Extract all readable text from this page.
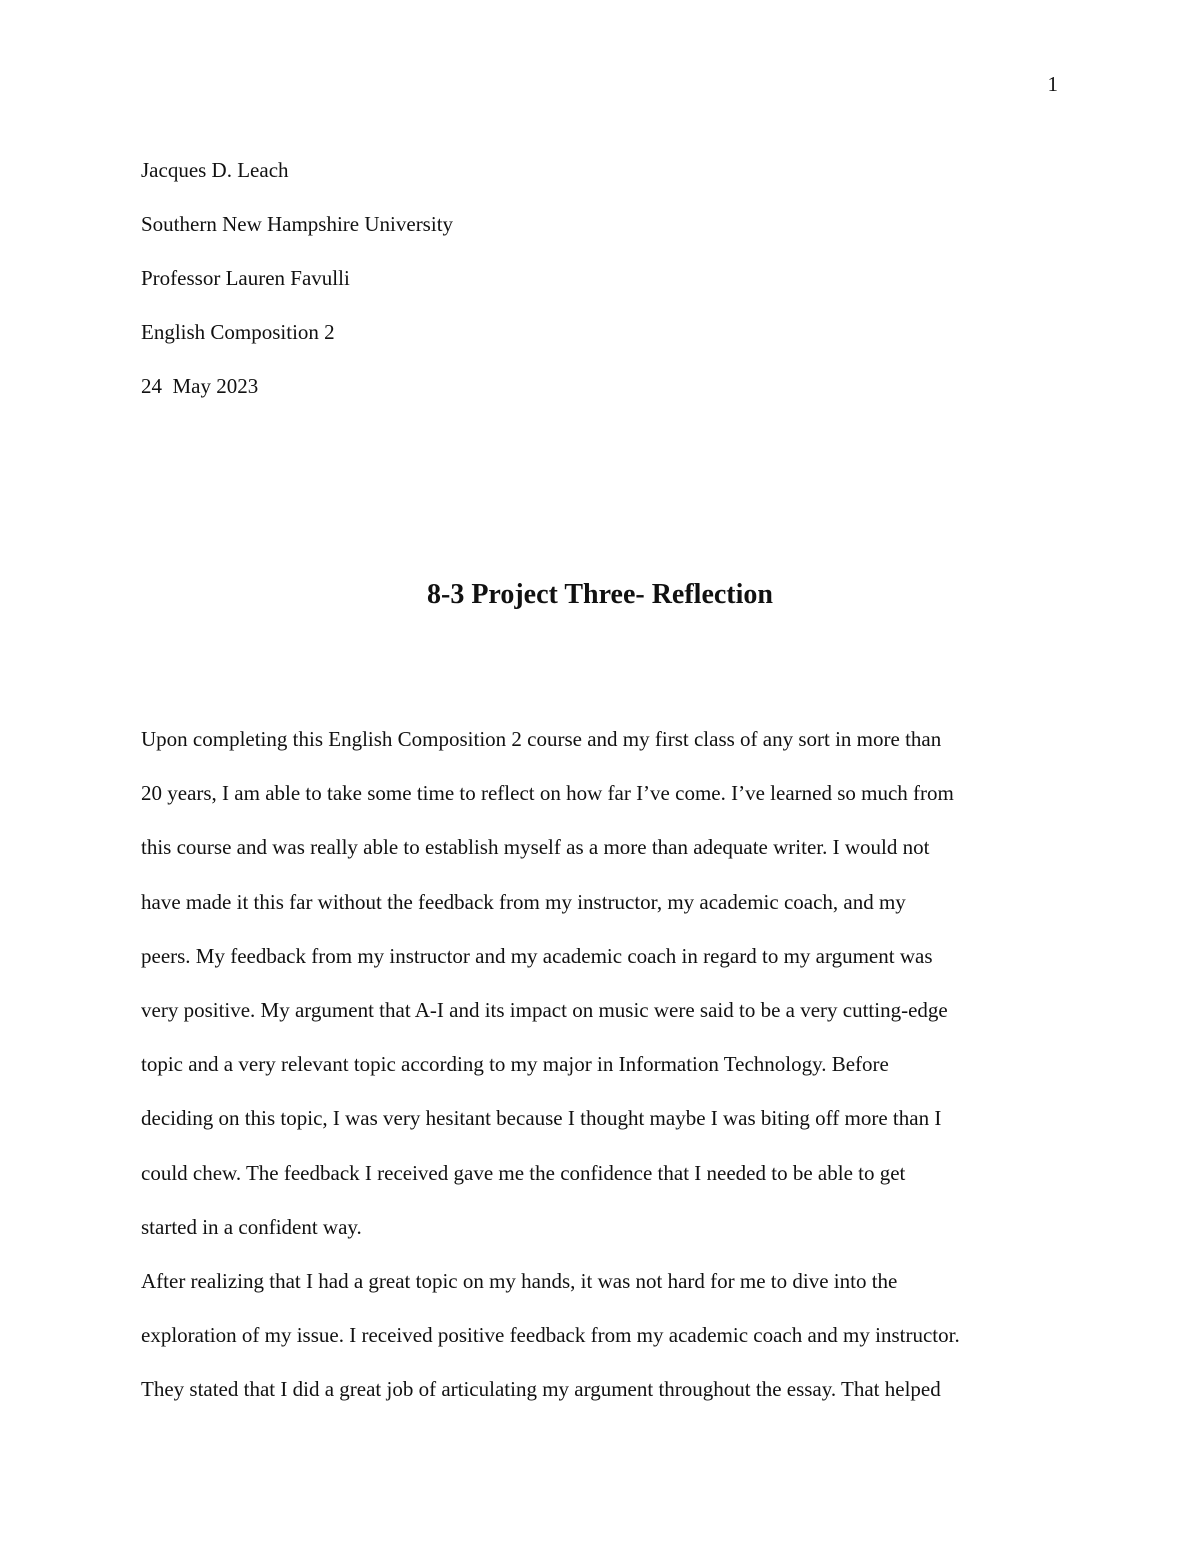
1
Jacques D. Leach
Southern New Hampshire University
Professor Lauren Favulli
English Composition 2
24  May 2023
8-3 Project Three- Reflection
Upon completing this English Composition 2 course and my first class of any sort in more than
20 years, I am able to take some time to reflect on how far I’ve come. I’ve learned so much from
this course and was really able to establish myself as a more than adequate writer. I would not
have made it this far without the feedback from my instructor, my academic coach, and my
peers. My feedback from my instructor and my academic coach in regard to my argument was
very positive. My argument that A-I and its impact on music were said to be a very cutting-edge
topic and a very relevant topic according to my major in Information Technology. Before
deciding on this topic, I was very hesitant because I thought maybe I was biting off more than I
could chew. The feedback I received gave me the confidence that I needed to be able to get
started in a confident way.
After realizing that I had a great topic on my hands, it was not hard for me to dive into the
exploration of my issue. I received positive feedback from my academic coach and my instructor.
They stated that I did a great job of articulating my argument throughout the essay. That helped
